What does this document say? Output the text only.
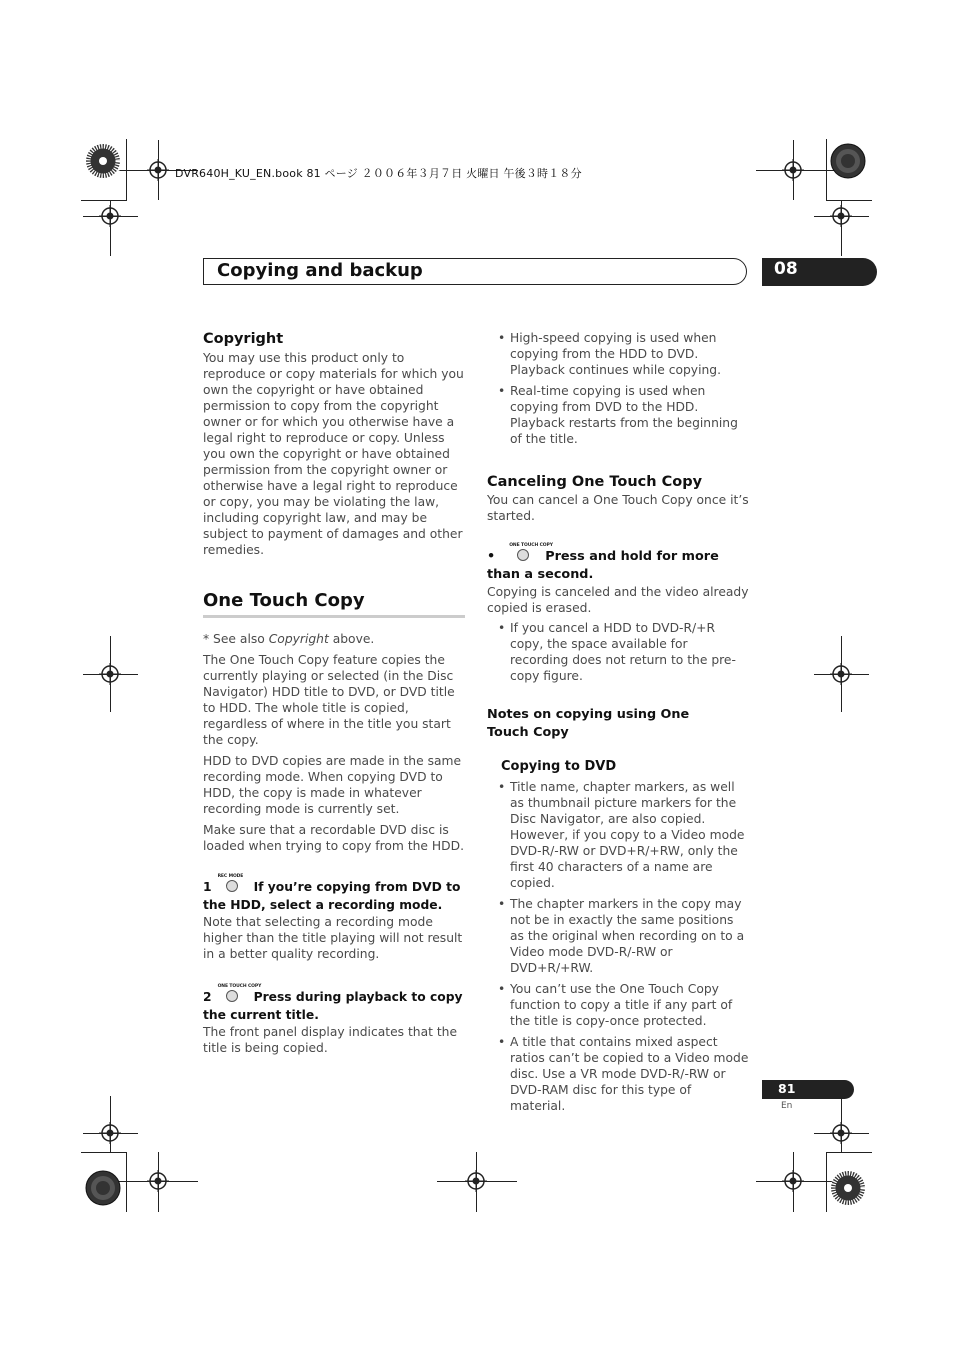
DVR640H_KU_EN.book 81 ページ ２００６年３月７日 火曜日 午後３時１８分
Copying and backup	08
Copyright

You may use this product only to reproduce or copy materials for which you own the copyright or have obtained permission to copy from the copyright owner or for which you otherwise have a legal right to reproduce or copy. Unless you own the copyright or have obtained permission from the copyright owner or otherwise have a legal right to reproduce or copy, you may be violating the law, including copyright law, and may be subject to payment of damages and other remedies.

One Touch Copy

* See also Copyright above.

The One Touch Copy feature copies the currently playing or selected (in the Disc Navigator) HDD title to DVD, or DVD title to HDD. The whole title is copied, regardless of where in the title you start the copy.

HDD to DVD copies are made in the same recording mode. When copying DVD to HDD, the copy is made in whatever recording mode is currently set.

Make sure that a recordable DVD disc is loaded when trying to copy from the HDD.

1
REC MODE
If you’re copying from DVD to the HDD, select a recording mode.

Note that selecting a recording mode higher than the title playing will not result in a better quality recording.

2
ONE TOUCH COPY
Press during playback to copy the current title.

The front panel display indicates that the title is being copied.

• High-speed copying is used when copying from the HDD to DVD. Playback continues while copying.
• Real-time copying is used when copying from DVD to the HDD. Playback restarts from the beginning of the title.
Canceling One Touch Copy

You can cancel a One Touch Copy once it’s started.

•
ONE TOUCH COPY
Press and hold for more than a second.

Copying is canceled and the video already copied is erased.

• If you cancel a HDD to DVD-R/+R copy, the space available for recording does not return to the pre-copy figure.
Notes on copying using One Touch Copy
Copying to DVD
• Title name, chapter markers, as well as thumbnail picture markers for the Disc Navigator, are also copied. However, if you copy to a Video mode DVD-R/-RW or DVD+R/+RW, only the first 40 characters of a name are copied.
• The chapter markers in the copy may not be in exactly the same positions as the original when recording on to a Video mode DVD-R/-RW or DVD+R/+RW.
• You can’t use the One Touch Copy function to copy a title if any part of the title is copy-once protected.
• A title that contains mixed aspect ratios can’t be copied to a Video mode disc. Use a VR mode DVD-R/-RW or DVD-RAM disc for this type of material.
81
En
